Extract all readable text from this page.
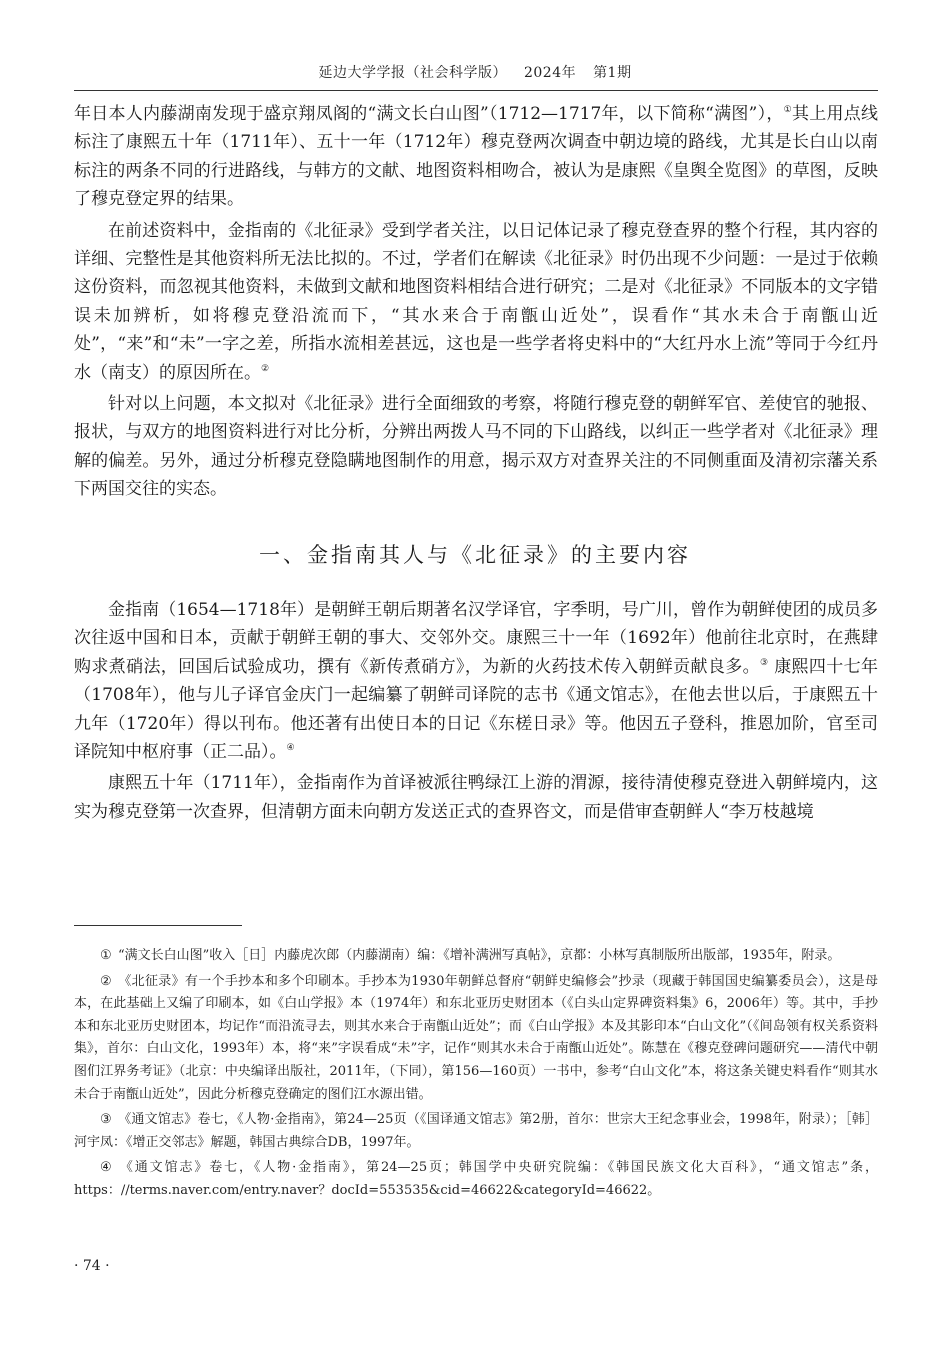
延边大学学报（社会科学版） 2024年 第1期

年日本人内藤湖南发现于盛京翔凤阁的“满文长白山图”（1712—1717年，以下简称“满图”），①其上用点线标注了康熙五十年（1711年）、五十一年（1712年）穆克登两次调查中朝边境的路线，尤其是长白山以南标注的两条不同的行进路线，与韩方的文献、地图资料相吻合，被认为是康熙《皇舆全览图》的草图，反映了穆克登定界的结果。

在前述资料中，金指南的《北征录》受到学者关注，以日记体记录了穆克登查界的整个行程，其内容的详细、完整性是其他资料所无法比拟的。不过，学者们在解读《北征录》时仍出现不少问题：一是过于依赖这份资料，而忽视其他资料，未做到文献和地图资料相结合进行研究；二是对《北征录》不同版本的文字错误未加辨析，如将穆克登沿流而下，“其水来合于南甑山近处”，误看作“其水未合于南甑山近处”，“来”和“未”一字之差，所指水流相差甚远，这也是一些学者将史料中的“大红丹水上流”等同于今红丹水（南支）的原因所在。②

针对以上问题，本文拟对《北征录》进行全面细致的考察，将随行穆克登的朝鲜军官、差使官的驰报、报状，与双方的地图资料进行对比分析，分辨出两拨人马不同的下山路线，以纠正一些学者对《北征录》理解的偏差。另外，通过分析穆克登隐瞒地图制作的用意，揭示双方对查界关注的不同侧重面及清初宗藩关系下两国交往的实态。

一、金指南其人与《北征录》的主要内容

金指南（1654—1718年）是朝鲜王朝后期著名汉学译官，字季明，号广川，曾作为朝鲜使团的成员多次往返中国和日本，贡献于朝鲜王朝的事大、交邻外交。康熙三十一年（1692年）他前往北京时，在燕肆购求煮硝法，回国后试验成功，撰有《新传煮硝方》，为新的火药技术传入朝鲜贡献良多。③ 康熙四十七年（1708年），他与儿子译官金庆门一起编纂了朝鲜司译院的志书《通文馆志》，在他去世以后，于康熙五十九年（1720年）得以刊布。他还著有出使日本的日记《东槎日录》等。他因五子登科，推恩加阶，官至司译院知中枢府事（正二品）。④

康熙五十年（1711年），金指南作为首译被派往鸭绿江上游的渭源，接待清使穆克登进入朝鲜境内，这实为穆克登第一次查界，但清朝方面未向朝方发送正式的查界咨文，而是借审查朝鲜人“李万枝越境

① “满文长白山图”收入［日］内藤虎次郎（内藤湖南）编：《增补满洲写真帖》，京都：小林写真制版所出版部，1935年，附录。

② 《北征录》有一个手抄本和多个印刷本。手抄本为1930年朝鲜总督府“朝鲜史编修会”抄录（现藏于韩国国史编纂委员会），这是母本，在此基础上又编了印刷本，如《白山学报》本（1974年）和东北亚历史财团本（《白头山定界碑资料集》6，2006年）等。其中，手抄本和东北亚历史财团本，均记作“而沿流寻去，则其水来合于南甑山近处”；而《白山学报》本及其影印本“白山文化”（《间岛领有权关系资料集》，首尔：白山文化，1993年）本，将“来”字误看成“未”字，记作“则其水未合于南甑山近处”。陈慧在《穆克登碑问题研究——清代中朝图们江界务考证》（北京：中央编译出版社，2011年，（下同），第156—160页）一书中，参考“白山文化”本，将这条关键史料看作“则其水未合于南甑山近处”，因此分析穆克登确定的图们江水源出错。

③ 《通文馆志》卷七，《人物·金指南》，第24—25页（《国译通文馆志》第2册，首尔：世宗大王纪念事业会，1998年，附录）；［韩］河宇凤：《增正交邻志》解题，韩国古典综合DB，1997年。

④ 《通文馆志》卷七，《人物·金指南》，第24—25页；韩国学中央研究院编：《韩国民族文化大百科》，“通文馆志”条，https：//terms.naver.com/entry.naver？docId=553535&cid=46622&categoryId=46622。

· 74 ·
